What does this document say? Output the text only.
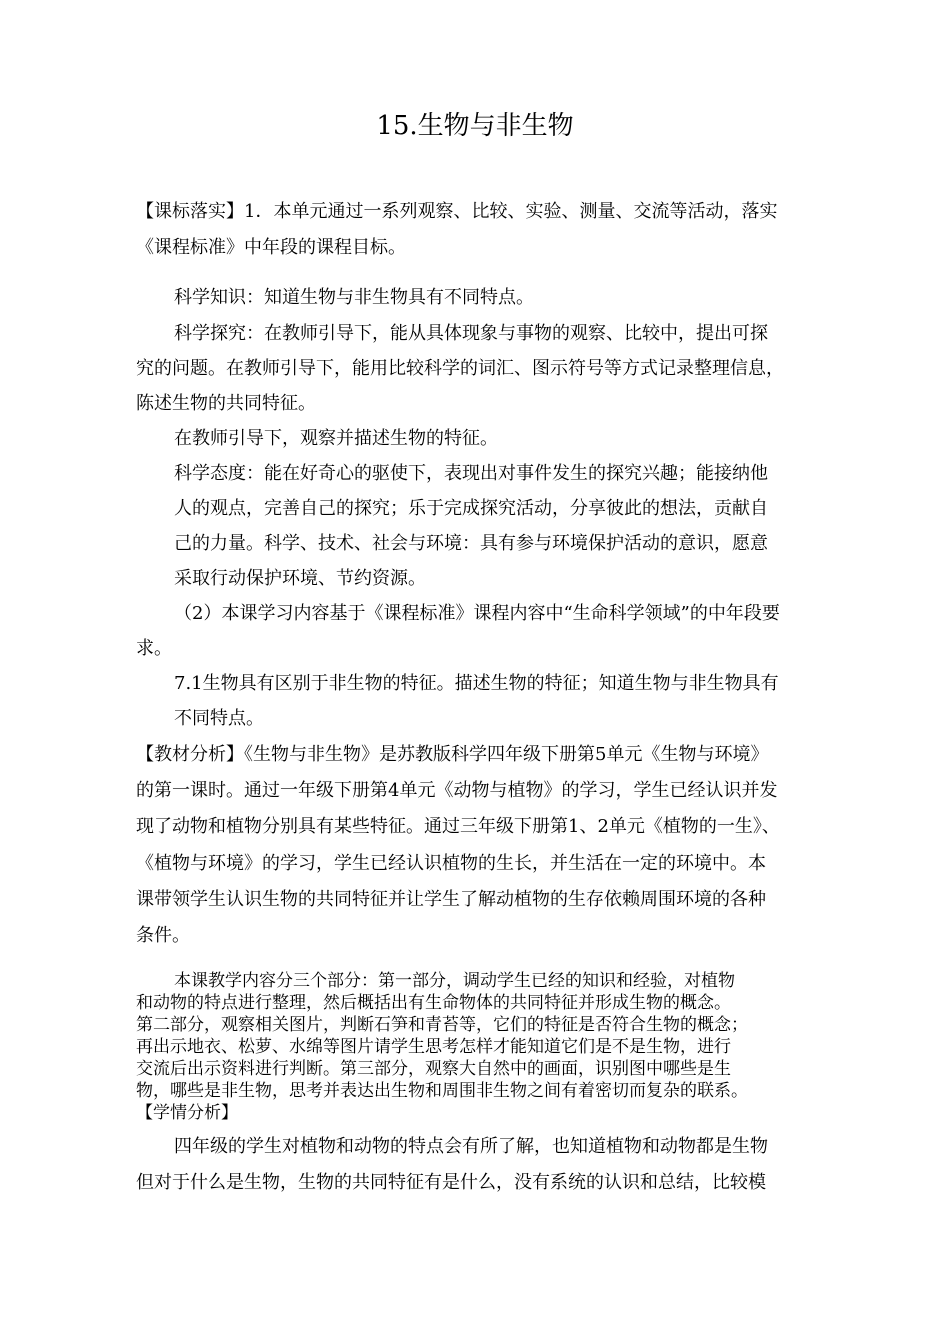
15.生物与非生物
【课标落实】1．本单元通过一系列观察、比较、实验、测量、交流等活动，落实
《课程标准》中年段的课程目标。
科学知识：知道生物与非生物具有不同特点。
科学探究：在教师引导下，能从具体现象与事物的观察、比较中，提出可探
究的问题。在教师引导下，能用比较科学的词汇、图示符号等方式记录整理信息，
陈述生物的共同特征。
在教师引导下，观察并描述生物的特征。
科学态度：能在好奇心的驱使下，表现出对事件发生的探究兴趣；能接纳他
人的观点，完善自己的探究；乐于完成探究活动，分享彼此的想法，贡献自
己的力量。科学、技术、社会与环境：具有参与环境保护活动的意识，愿意
采取行动保护环境、节约资源。
（2）本课学习内容基于《课程标准》课程内容中“生命科学领域”的中年段要
求。
7.1生物具有区别于非生物的特征。描述生物的特征；知道生物与非生物具有
不同特点。
【教材分析】《生物与非生物》是苏教版科学四年级下册第5单元《生物与环境》
的第一课时。通过一年级下册第4单元《动物与植物》的学习，学生已经认识并发
现了动物和植物分别具有某些特征。通过三年级下册第1、2单元《植物的一生》、
《植物与环境》的学习，学生已经认识植物的生长，并生活在一定的环境中。本
课带领学生认识生物的共同特征并让学生了解动植物的生存依赖周围环境的各种
条件。
本课教学内容分三个部分：第一部分，调动学生已经的知识和经验，对植物
和动物的特点进行整理，然后概括出有生命物体的共同特征并形成生物的概念。
第二部分，观察相关图片，判断石笋和青苔等，它们的特征是否符合生物的概念；
再出示地衣、松萝、水绵等图片请学生思考怎样才能知道它们是不是生物，进行
交流后出示资料进行判断。第三部分，观察大自然中的画面，识别图中哪些是生
物，哪些是非生物，思考并表达出生物和周围非生物之间有着密切而复杂的联系。
【学情分析】
四年级的学生对植物和动物的特点会有所了解，也知道植物和动物都是生物
但对于什么是生物，生物的共同特征有是什么，没有系统的认识和总结，比较模
